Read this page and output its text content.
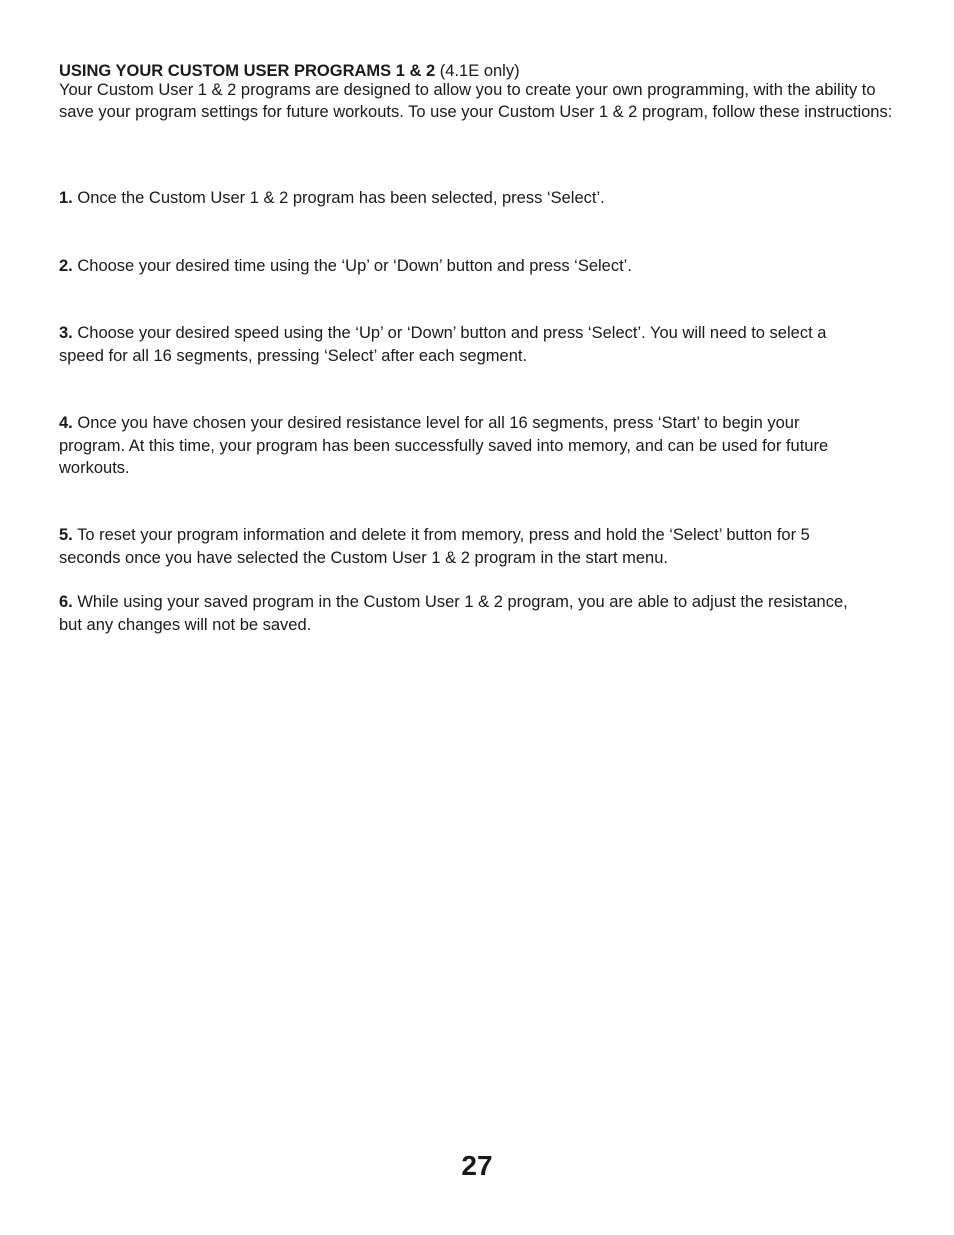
USING YOUR CUSTOM USER PROGRAMS 1 & 2 (4.1E only)
Your Custom User 1 & 2 programs are designed to allow you to create your own programming, with the ability to save your program settings for future workouts. To use your Custom User 1 & 2 program, follow these instructions:

1. Once the Custom User 1 & 2 program has been selected, press ‘Select’.

2. Choose your desired time using the ‘Up’ or ‘Down’ button and press ‘Select’.

3. Choose your desired speed using the ‘Up’ or ‘Down’ button and press ‘Select’. You will need to select a speed for all 16 segments, pressing ‘Select’ after each segment.

4. Once you have chosen your desired resistance level for all 16 segments, press ‘Start’ to begin your program. At this time, your program has been successfully saved into memory, and can be used for future workouts.

5. To reset your program information and delete it from memory, press and hold the ‘Select’ button for 5 seconds once you have selected the Custom User 1 & 2 program in the start menu.

6. While using your saved program in the Custom User 1 & 2 program, you are able to adjust the resistance, but any changes will not be saved.

27
